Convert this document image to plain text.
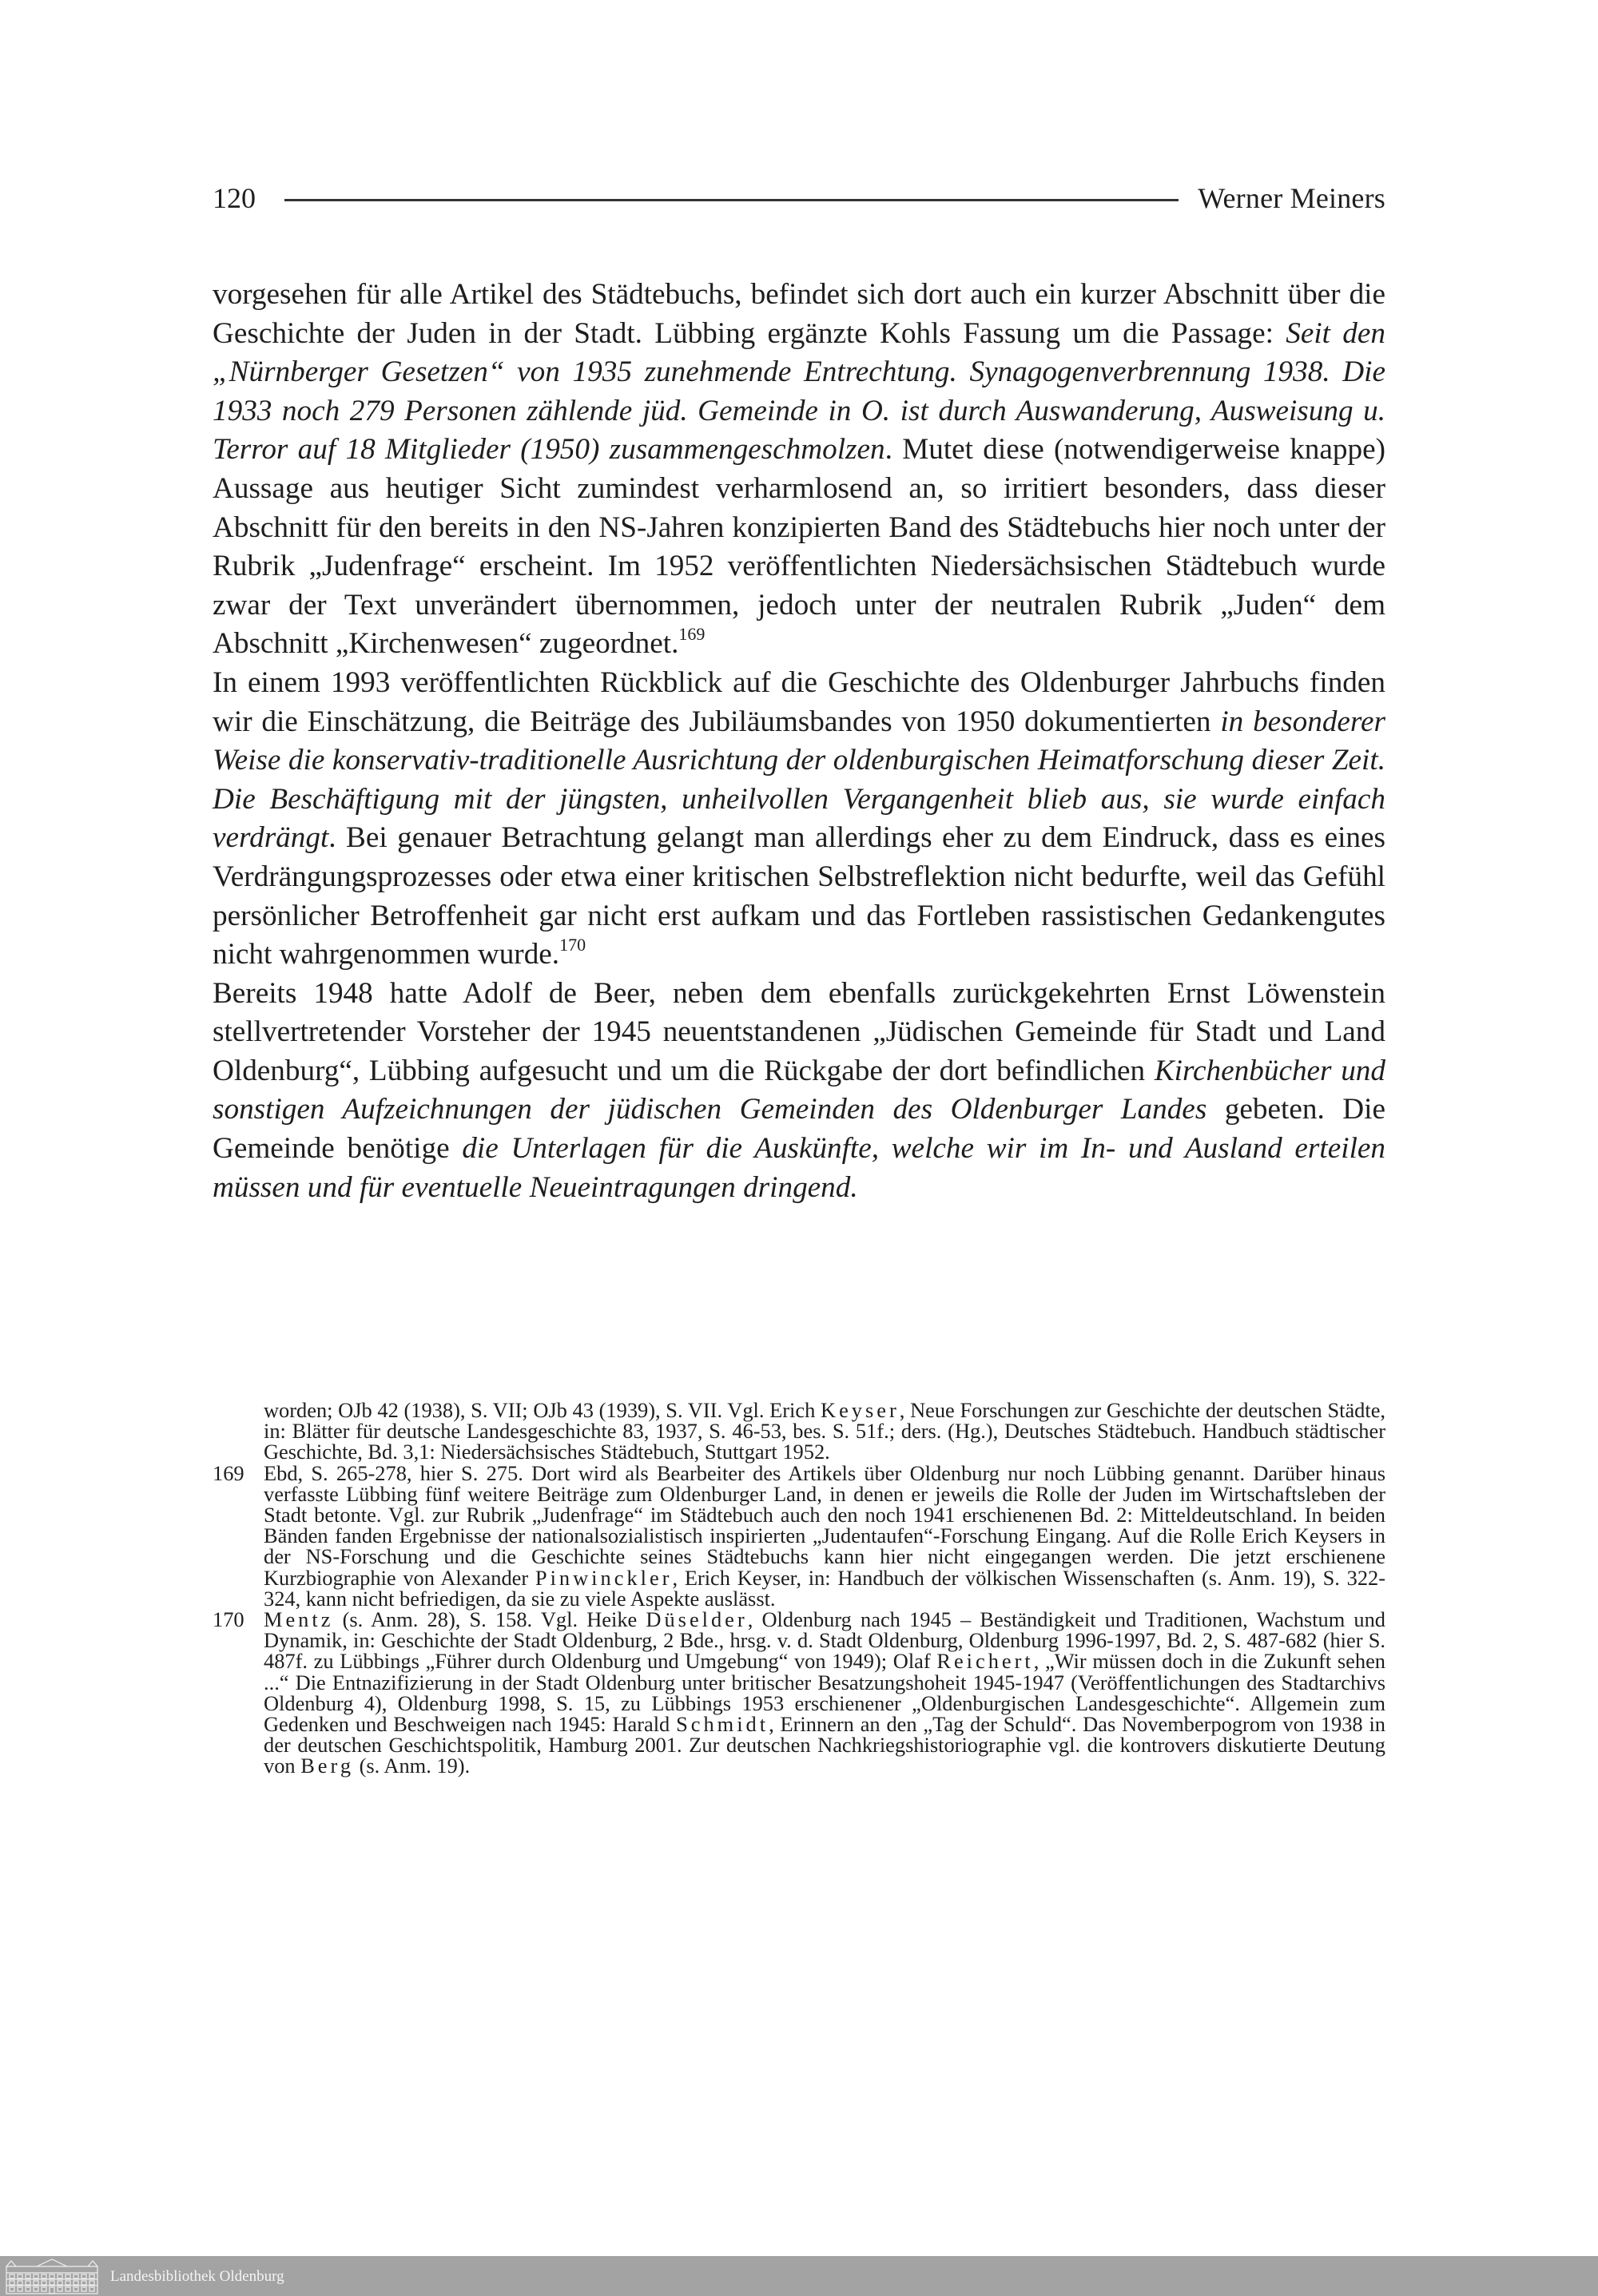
120	Werner Meiners

vorgesehen für alle Artikel des Städtebuchs, befindet sich dort auch ein kurzer Abschnitt über die Geschichte der Juden in der Stadt. Lübbing ergänzte Kohls Fassung um die Passage: Seit den „Nürnberger Gesetzen“ von 1935 zunehmende Entrechtung. Synagogenverbrennung 1938. Die 1933 noch 279 Personen zählende jüd. Gemeinde in O. ist durch Auswanderung, Ausweisung u. Terror auf 18 Mitglieder (1950) zusammengeschmolzen. Mutet diese (notwendigerweise knappe) Aussage aus heutiger Sicht zumindest verharmlosend an, so irritiert besonders, dass dieser Abschnitt für den bereits in den NS-Jahren konzipierten Band des Städtebuchs hier noch unter der Rubrik „Judenfrage“ erscheint. Im 1952 veröffentlichten Niedersächsischen Städtebuch wurde zwar der Text unverändert übernommen, jedoch unter der neutralen Rubrik „Juden“ dem Abschnitt „Kirchenwesen“ zugeordnet.$^{169}$

In einem 1993 veröffentlichten Rückblick auf die Geschichte des Oldenburger Jahrbuchs finden wir die Einschätzung, die Beiträge des Jubiläumsbandes von 1950 dokumentierten in besonderer Weise die konservativ-traditionelle Ausrichtung der oldenburgischen Heimatforschung dieser Zeit. Die Beschäftigung mit der jüngsten, unheilvollen Vergangenheit blieb aus, sie wurde einfach verdrängt. Bei genauer Betrachtung gelangt man allerdings eher zu dem Eindruck, dass es eines Verdrängungsprozesses oder etwa einer kritischen Selbstreflektion nicht bedurfte, weil das Gefühl persönlicher Betroffenheit gar nicht erst aufkam und das Fortleben rassistischen Gedankengutes nicht wahrgenommen wurde.$^{170}$

Bereits 1948 hatte Adolf de Beer, neben dem ebenfalls zurückgekehrten Ernst Löwenstein stellvertretender Vorsteher der 1945 neuentstandenen „Jüdischen Gemeinde für Stadt und Land Oldenburg“, Lübbing aufgesucht und um die Rückgabe der dort befindlichen Kirchenbücher und sonstigen Aufzeichnungen der jüdischen Gemeinden des Oldenburger Landes gebeten. Die Gemeinde benötige die Unterlagen für die Auskünfte, welche wir im In- und Ausland erteilen müssen und für eventuelle Neueintragungen dringend.

worden; OJb 42 (1938), S. VII; OJb 43 (1939), S. VII. Vgl. Erich Keyser, Neue Forschungen zur Geschichte der deutschen Städte, in: Blätter für deutsche Landesgeschichte 83, 1937, S. 46-53, bes. S. 51f.; ders. (Hg.), Deutsches Städtebuch. Handbuch städtischer Geschichte, Bd. 3,1: Niedersächsisches Städtebuch, Stuttgart 1952.
169 Ebd, S. 265-278, hier S. 275. Dort wird als Bearbeiter des Artikels über Oldenburg nur noch Lübbing genannt. Darüber hinaus verfasste Lübbing fünf weitere Beiträge zum Oldenburger Land, in denen er jeweils die Rolle der Juden im Wirtschaftsleben der Stadt betonte. Vgl. zur Rubrik „Judenfrage“ im Städtebuch auch den noch 1941 erschienenen Bd. 2: Mitteldeutschland. In beiden Bänden fanden Ergebnisse der nationalsozialistisch inspirierten „Judentaufen“-Forschung Eingang. Auf die Rolle Erich Keysers in der NS-Forschung und die Geschichte seines Städtebuchs kann hier nicht eingegangen werden. Die jetzt erschienene Kurzbiographie von Alexander Pinwinckler, Erich Keyser, in: Handbuch der völkischen Wissenschaften (s. Anm. 19), S. 322-324, kann nicht befriedigen, da sie zu viele Aspekte auslässt.
170 Mentz (s. Anm. 28), S. 158. Vgl. Heike Düselder, Oldenburg nach 1945 – Beständigkeit und Traditionen, Wachstum und Dynamik, in: Geschichte der Stadt Oldenburg, 2 Bde., hrsg. v. d. Stadt Oldenburg, Oldenburg 1996-1997, Bd. 2, S. 487-682 (hier S. 487f. zu Lübbings „Führer durch Oldenburg und Umgebung“ von 1949); Olaf Reichert, „Wir müssen doch in die Zukunft sehen ...“ Die Entnazifizierung in der Stadt Oldenburg unter britischer Besatzungshoheit 1945-1947 (Veröffentlichungen des Stadtarchivs Oldenburg 4), Oldenburg 1998, S. 15, zu Lübbings 1953 erschienener „Oldenburgischen Landesgeschichte“. Allgemein zum Gedenken und Beschweigen nach 1945: Harald Schmidt, Erinnern an den „Tag der Schuld“. Das Novemberpogrom von 1938 in der deutschen Geschichtspolitik, Hamburg 2001. Zur deutschen Nachkriegshistoriographie vgl. die kontrovers diskutierte Deutung von Berg (s. Anm. 19).
Landesbibliothek Oldenburg
